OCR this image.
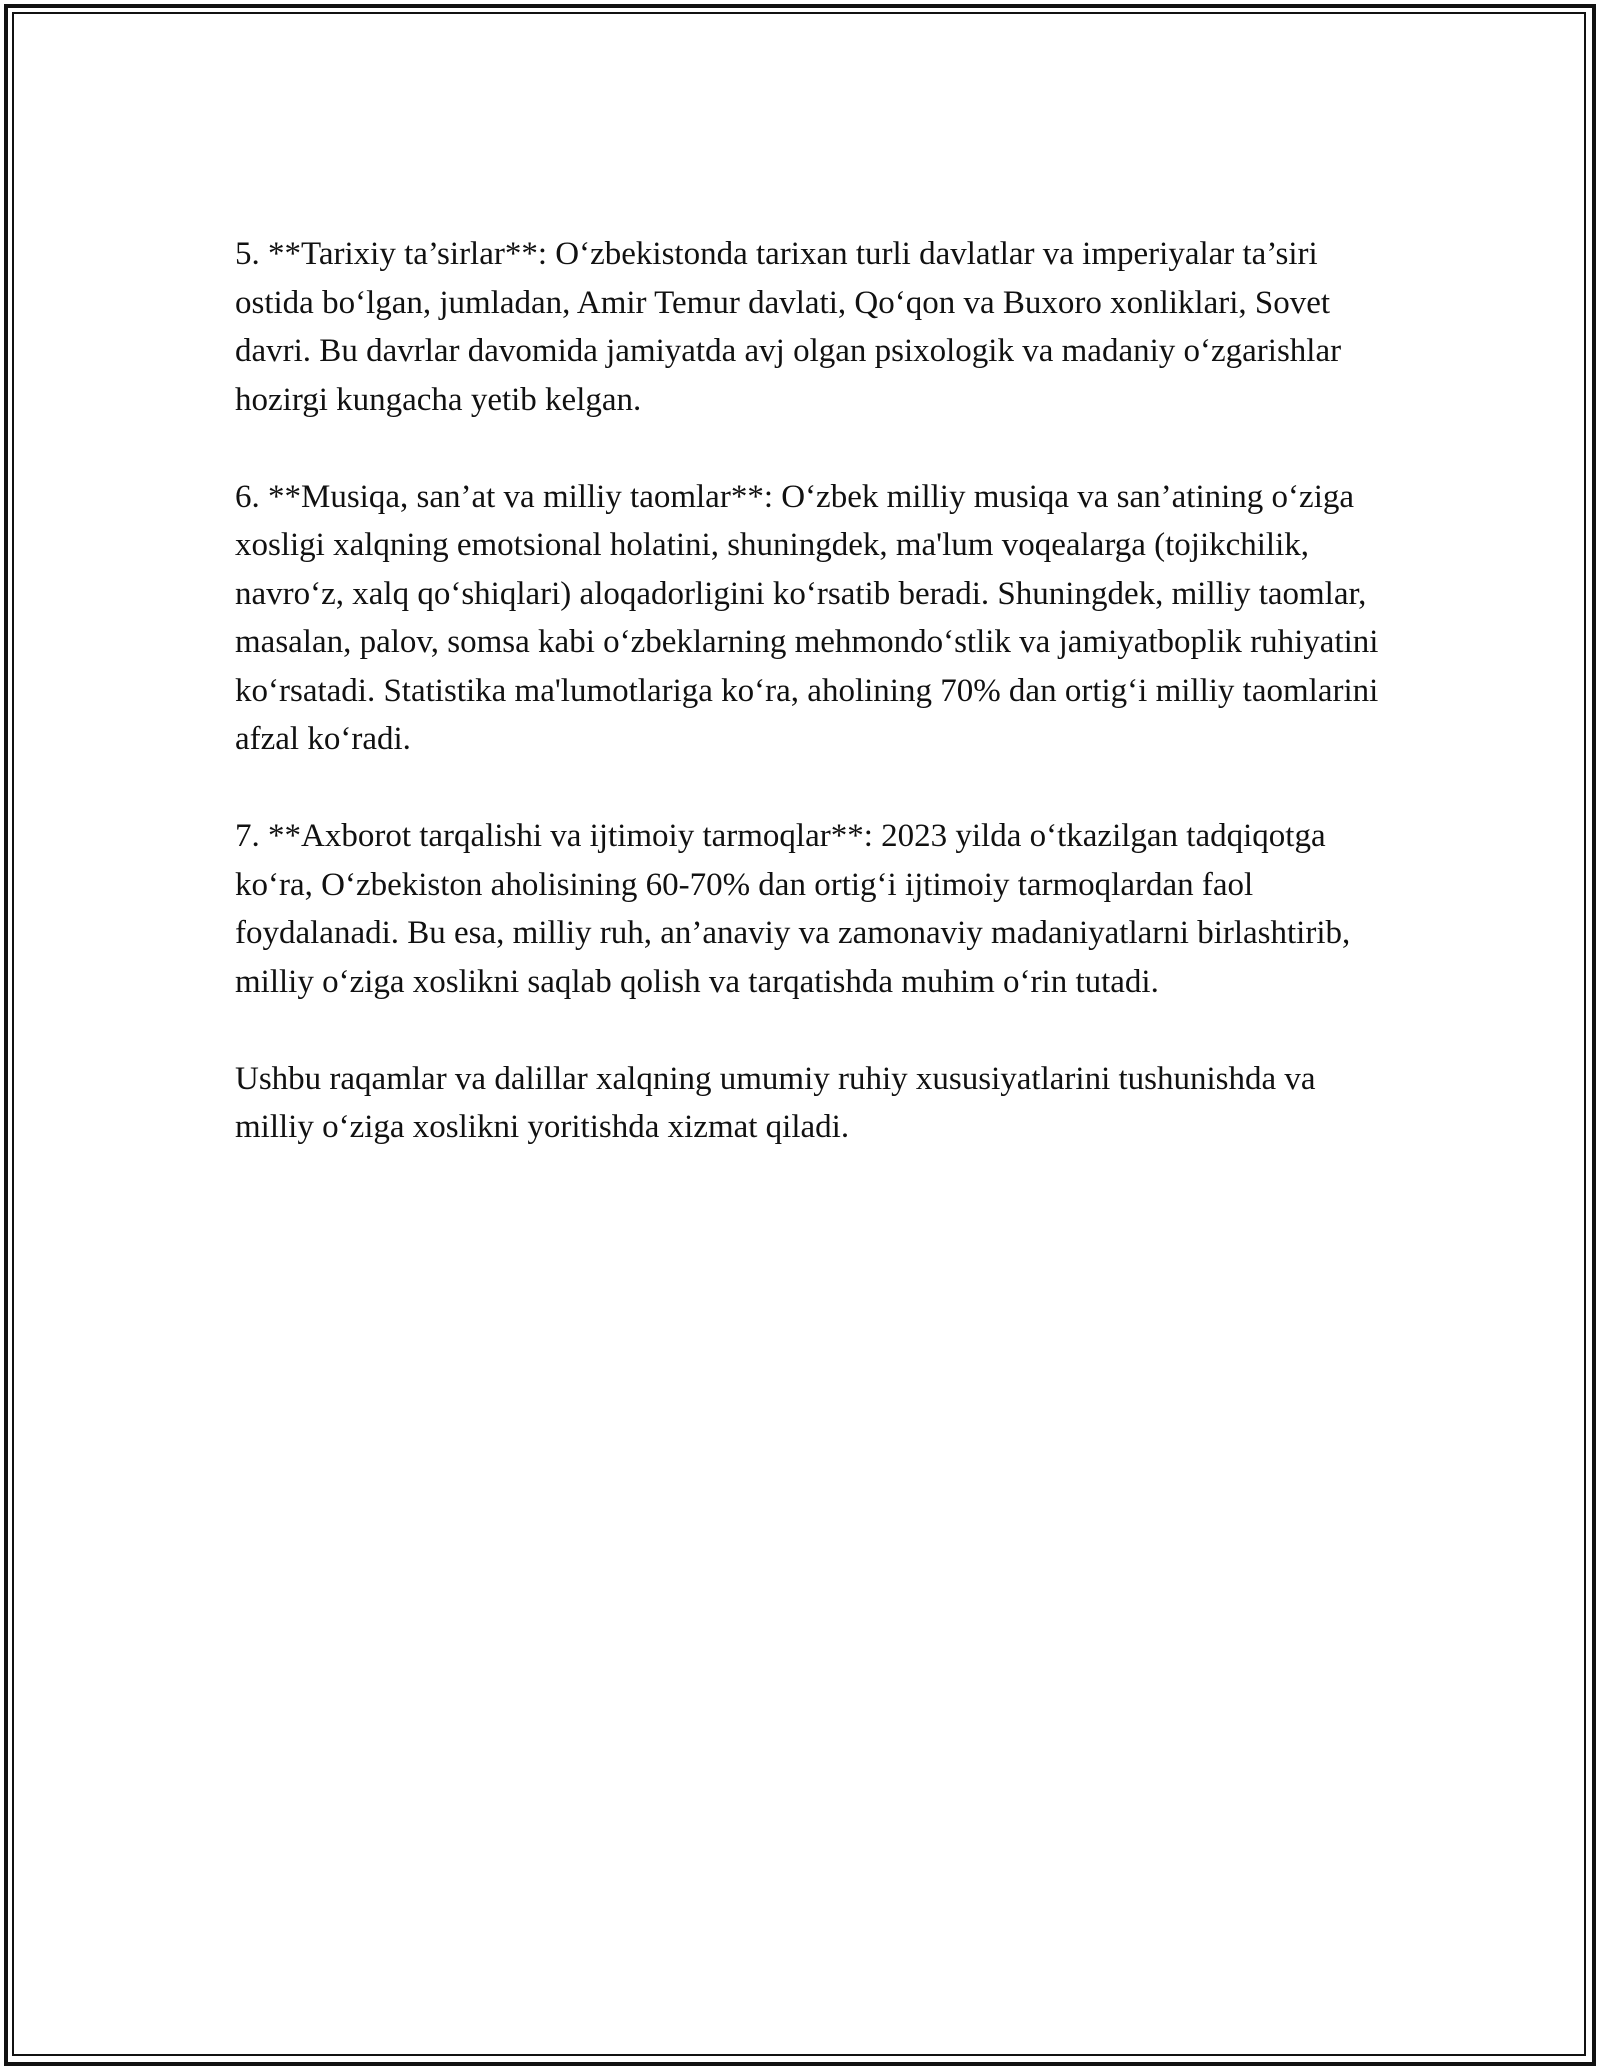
5. **Tarixiy ta’sirlar**: O‘zbekistonda tarixan turli davlatlar va imperiyalar ta’siri ostida bo‘lgan, jumladan, Amir Temur davlati, Qo‘qon va Buxoro xonliklari, Sovet davri. Bu davrlar davomida jamiyatda avj olgan psixologik va madaniy o‘zgarishlar hozirgi kungacha yetib kelgan.

6. **Musiqa, san’at va milliy taomlar**: O‘zbek milliy musiqa va san’atining o‘ziga xosligi xalqning emotsional holatini, shuningdek, ma'lum voqealarga (tojikchilik, navro‘z, xalq qo‘shiqlari) aloqadorligini ko‘rsatib beradi. Shuningdek, milliy taomlar, masalan, palov, somsa kabi o‘zbeklarning mehmondo‘stlik va jamiyatboplik ruhiyatini ko‘rsatadi. Statistika ma'lumotlariga ko‘ra, aholining 70% dan ortig‘i milliy taomlarini afzal ko‘radi.

7. **Axborot tarqalishi va ijtimoiy tarmoqlar**: 2023 yilda o‘tkazilgan tadqiqotga ko‘ra, O‘zbekiston aholisining 60-70% dan ortig‘i ijtimoiy tarmoqlardan faol foydalanadi. Bu esa, milliy ruh, an’anaviy va zamonaviy madaniyatlarni birlashtirib, milliy o‘ziga xoslikni saqlab qolish va tarqatishda muhim o‘rin tutadi.

Ushbu raqamlar va dalillar xalqning umumiy ruhiy xususiyatlarini tushunishda va milliy o‘ziga xoslikni yoritishda xizmat qiladi.
